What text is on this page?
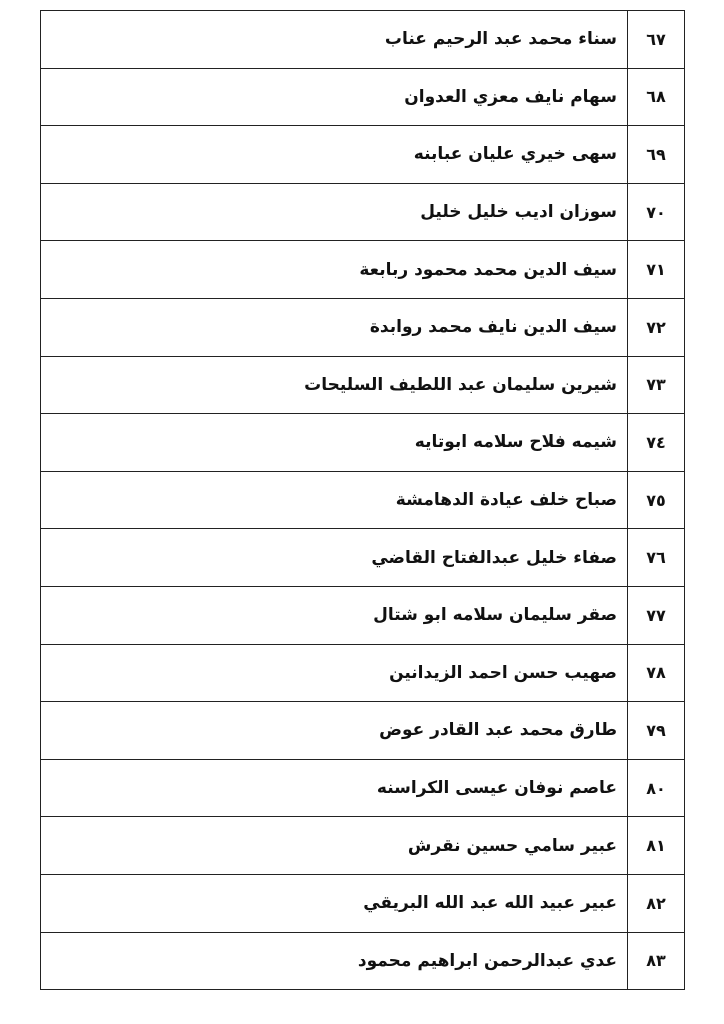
سناء محمد عبد الرحيم عناب	٦٧
سهام نايف معزي العدوان	٦٨
سهى خيري عليان عبابنه	٦٩
سوزان اديب خليل خليل	٧٠
سيف الدين محمد محمود ربابعة	٧١
سيف الدين نايف محمد روابدة	٧٢
شيرين سليمان عبد اللطيف السليحات	٧٣
شيمه فلاح سلامه ابوتايه	٧٤
صباح خلف عيادة الدهامشة	٧٥
صفاء خليل عبدالفتاح القاضي	٧٦
صقر سليمان سلامه ابو شتال	٧٧
صهيب حسن احمد الزيدانين	٧٨
طارق محمد عبد القادر عوض	٧٩
عاصم نوفان عيسى الكراسنه	٨٠
عبير سامي حسين نقرش	٨١
عبير عبيد الله عبد الله البريقي	٨٢
عدي عبدالرحمن ابراهيم محمود	٨٣
